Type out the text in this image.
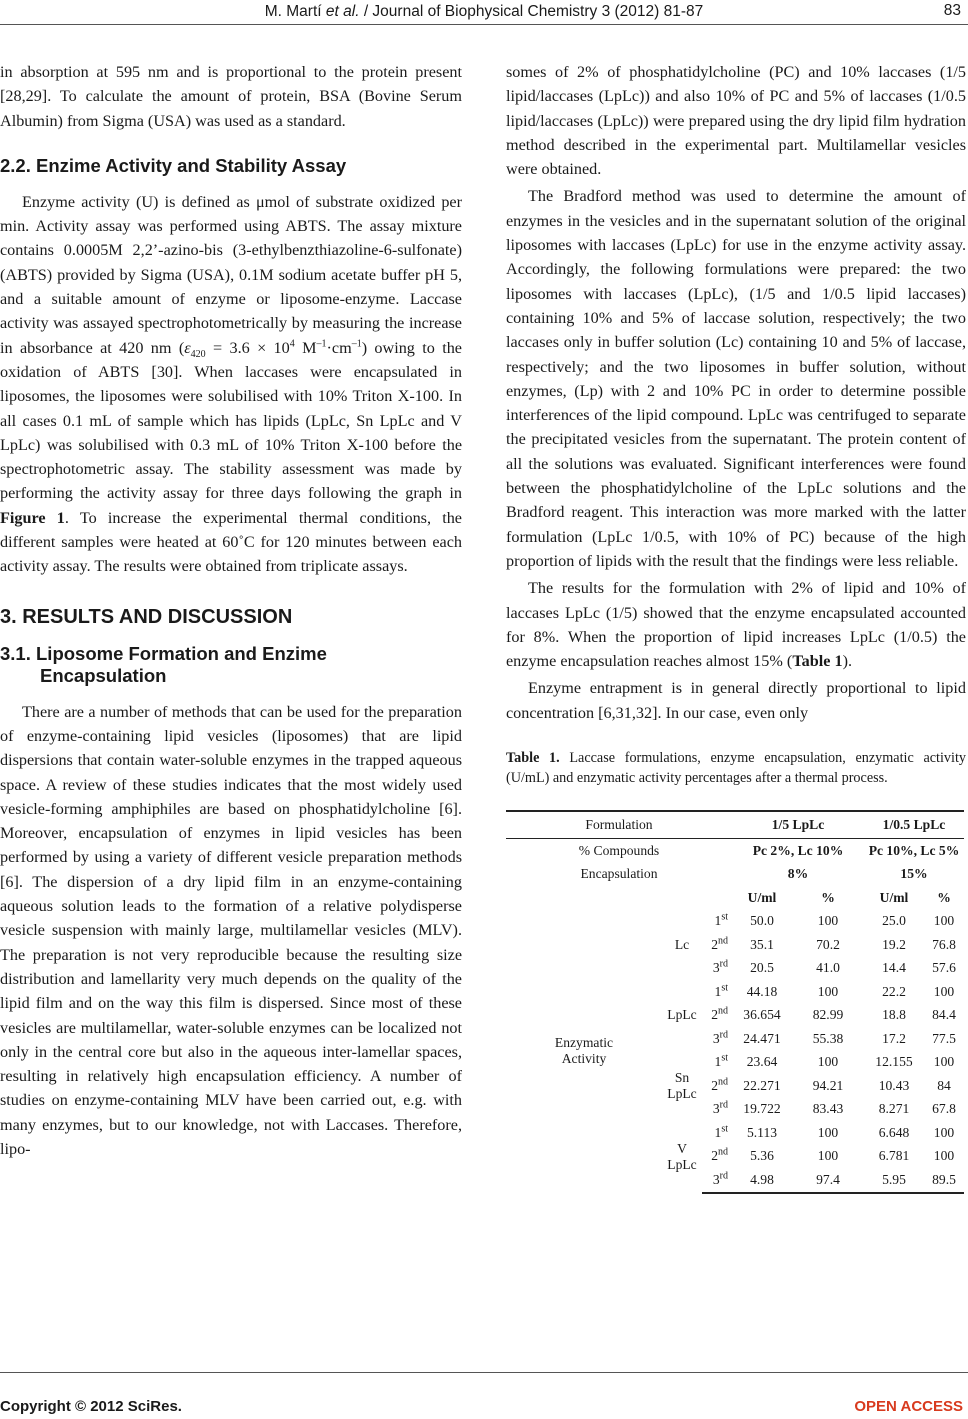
M. Martí et al. / Journal of Biophysical Chemistry 3 (2012) 81-87	83

in absorption at 595 nm and is proportional to the protein present [28,29]. To calculate the amount of protein, BSA (Bovine Serum Albumin) from Sigma (USA) was used as a standard.

2.2. Enzime Activity and Stability Assay

Enzyme activity (U) is defined as μmol of substrate oxidized per min. Activity assay was performed using ABTS. The assay mixture contains 0.0005M 2,2’-azino-bis (3-ethylbenzthiazoline-6-sulfonate) (ABTS) provided by Sigma (USA), 0.1M sodium acetate buffer pH 5, and a suitable amount of enzyme or liposome-enzyme. Laccase activity was assayed spectrophotometrically by measuring the increase in absorbance at 420 nm ($\varepsilon_{420} = 3.6 \times 10^4$ $M^{-1}\cdot cm^{-1}$) owing to the oxidation of ABTS [30]. When laccases were encapsulated in liposomes, the liposomes were solubilised with 10% Triton X-100. In all cases 0.1 mL of sample which has lipids (LpLc, Sn LpLc and V LpLc) was solubilised with 0.3 mL of 10% Triton X-100 before the spectrophotometric assay. The stability assessment was made by performing the activity assay for three days following the graph in Figure 1. To increase the experimental thermal conditions, the different samples were heated at 60˚C for 120 minutes between each activity assay. The results were obtained from triplicate assays.

3. RESULTS AND DISCUSSION
3.1. Liposome Formation and Enzime
Encapsulation

There are a number of methods that can be used for the preparation of enzyme-containing lipid vesicles (liposomes) that are lipid dispersions that contain water-soluble enzymes in the trapped aqueous space. A review of these studies indicates that the most widely used vesicle-forming amphiphiles are based on phosphatidylcholine [6]. Moreover, encapsulation of enzymes in lipid vesicles has been performed by using a variety of different vesicle preparation methods [6]. The dispersion of a dry lipid film in an enzyme-containing aqueous solution leads to the formation of a relative polydisperse vesicle suspension with mainly large, multilamellar vesicles (MLV). The preparation is not very reproducible because the resulting size distribution and lamellarity very much depends on the quality of the lipid film and on the way this film is dispersed. Since most of these vesicles are multilamellar, water-soluble enzymes can be localized not only in the central core but also in the aqueous inter-lamellar spaces, resulting in relatively high encapsulation efficiency. A number of studies on enzyme-containing MLV have been carried out, e.g. with many enzymes, but to our knowledge, not with Laccases. Therefore, lipo-

somes of 2% of phosphatidylcholine (PC) and 10% laccases (1/5 lipid/laccases (LpLc)) and also 10% of PC and 5% of laccases (1/0.5 lipid/laccases (LpLc)) were prepared using the dry lipid film hydration method described in the experimental part. Multilamellar vesicles were obtained.

The Bradford method was used to determine the amount of enzymes in the vesicles and in the supernatant solution of the original liposomes with laccases (LpLc) for use in the enzyme activity assay. Accordingly, the following formulations were prepared: the two liposomes with laccases (LpLc), (1/5 and 1/0.5 lipid laccases) containing 10% and 5% of laccase solution, respectively; the two laccases only in buffer solution (Lc) containing 10 and 5% of laccase, respectively; and the two liposomes in buffer solution, without enzymes, (Lp) with 2 and 10% PC in order to determine possible interferences of the lipid compound. LpLc was centrifuged to separate the precipitated vesicles from the supernatant. The protein content of all the solutions was evaluated. Significant interferences were found between the phosphatidylcholine of the LpLc solutions and the Bradford reagent. This interaction was more marked with the latter formulation (LpLc 1/0.5, with 10% of PC) because of the high proportion of lipids with the result that the findings were less reliable.

The results for the formulation with 2% of lipid and 10% of laccases LpLc (1/5) showed that the enzyme encapsulated accounted for 8%. When the proportion of lipid increases LpLc (1/0.5) the enzyme encapsulation reaches almost 15% (Table 1).

Enzyme entrapment is in general directly proportional to lipid concentration [6,31,32]. In our case, even only

Table 1. Laccase formulations, enzyme encapsulation, enzymatic activity (U/mL) and enzymatic activity percentages after a thermal process.

Formulation			1/5 LpLc		1/0.5 LpLc	
% Compounds			Pc 2%, Lc 10%		Pc 10%, Lc 5%	
Encapsulation			8%		15%	
			U/ml	%	U/ml	%
Enzymatic
Activity	Lc	1st	50.0	100	25.0	100
		2nd	35.1	70.2	19.2	76.8
		3rd	20.5	41.0	14.4	57.6
	LpLc	1st	44.18	100	22.2	100
		2nd	36.654	82.99	18.8	84.4
		3rd	24.471	55.38	17.2	77.5
	Sn LpLc	1st	23.64	100	12.155	100
		2nd	22.271	94.21	10.43	84
		3rd	19.722	83.43	8.271	67.8
	V LpLc	1st	5.113	100	6.648	100
		2nd	5.36	100	6.781	100
		3rd	4.98	97.4	5.95	89.5
Copyright © 2012 SciRes.	OPEN ACCESS
